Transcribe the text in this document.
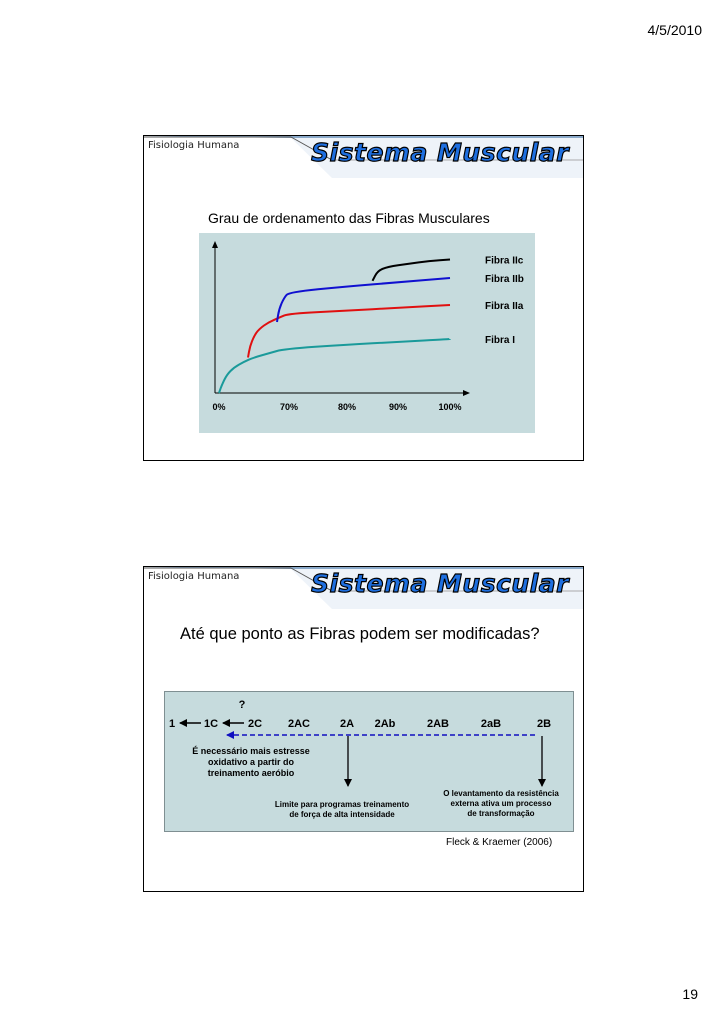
4/5/2010
Fisiologia Humana	Sistema Muscular
Grau de ordenamento das Fibras Musculares
0%	70%	80%	90%	100%
Fibra I
Fibra IIa
Fibra IIb
Fibra IIc
Fisiologia Humana	Sistema Muscular
Até que ponto as Fibras podem ser modificadas?
?
1	1C	2C 2AC	2A 2Ab	2AB	2aB	2B
É necessário mais estresse
oxidativo a partir do
treinamento aeróbio
Limite para programas treinamento
de força de alta intensidade
O levantamento da resistência
externa ativa um processo
de transformação
Fleck & Kraemer (2006)
19
